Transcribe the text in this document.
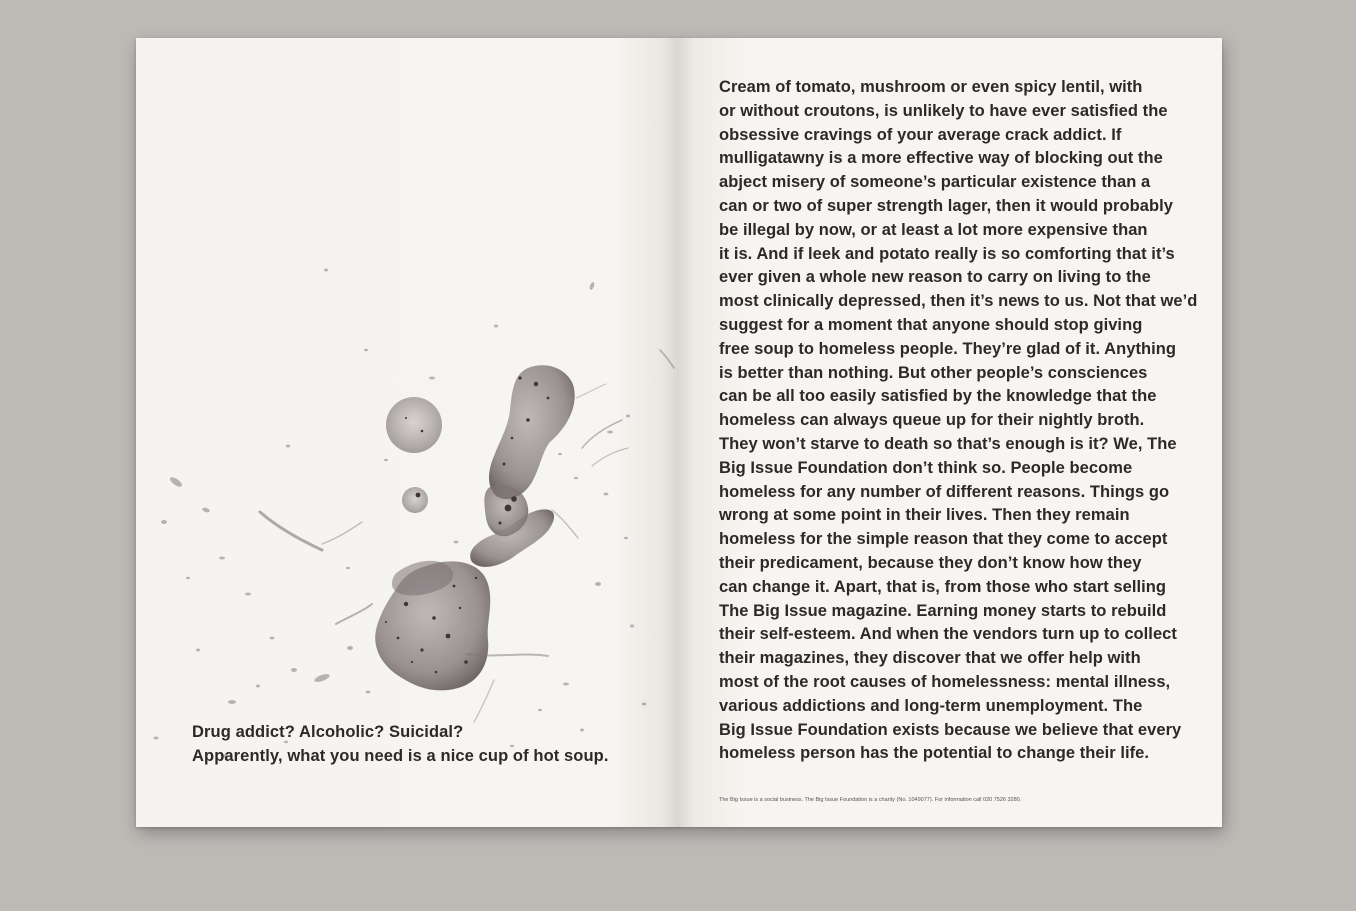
Drug addict? Alcoholic? Suicidal?
Apparently, what you need is a nice cup of hot soup.

Cream of tomato, mushroom or even spicy lentil, with
or without croutons, is unlikely to have ever satisfied the
obsessive cravings of your average crack addict. If
mulligatawny is a more effective way of blocking out the
abject misery of someone’s particular existence than a
can or two of super strength lager, then it would probably
be illegal by now, or at least a lot more expensive than
it is. And if leek and potato really is so comforting that it’s
ever given a whole new reason to carry on living to the
most clinically depressed, then it’s news to us. Not that we’d
suggest for a moment that anyone should stop giving
free soup to homeless people. They’re glad of it. Anything
is better than nothing. But other people’s consciences
can be all too easily satisfied by the knowledge that the
homeless can always queue up for their nightly broth.
They won’t starve to death so that’s enough is it? We, The
Big Issue Foundation don’t think so. People become
homeless for any number of different reasons. Things go
wrong at some point in their lives. Then they remain
homeless for the simple reason that they come to accept
their predicament, because they don’t know how they
can change it. Apart, that is, from those who start selling
The Big Issue magazine. Earning money starts to rebuild
their self-esteem. And when the vendors turn up to collect
their magazines, they discover that we offer help with
most of the root causes of homelessness: mental illness,
various addictions and long-term unemployment. The
Big Issue Foundation exists because we believe that every
homeless person has the potential to change their life.

The Big Issue is a social business. The Big Issue Foundation is a charity (No. 1049077). For information call 020 7526 3280.
